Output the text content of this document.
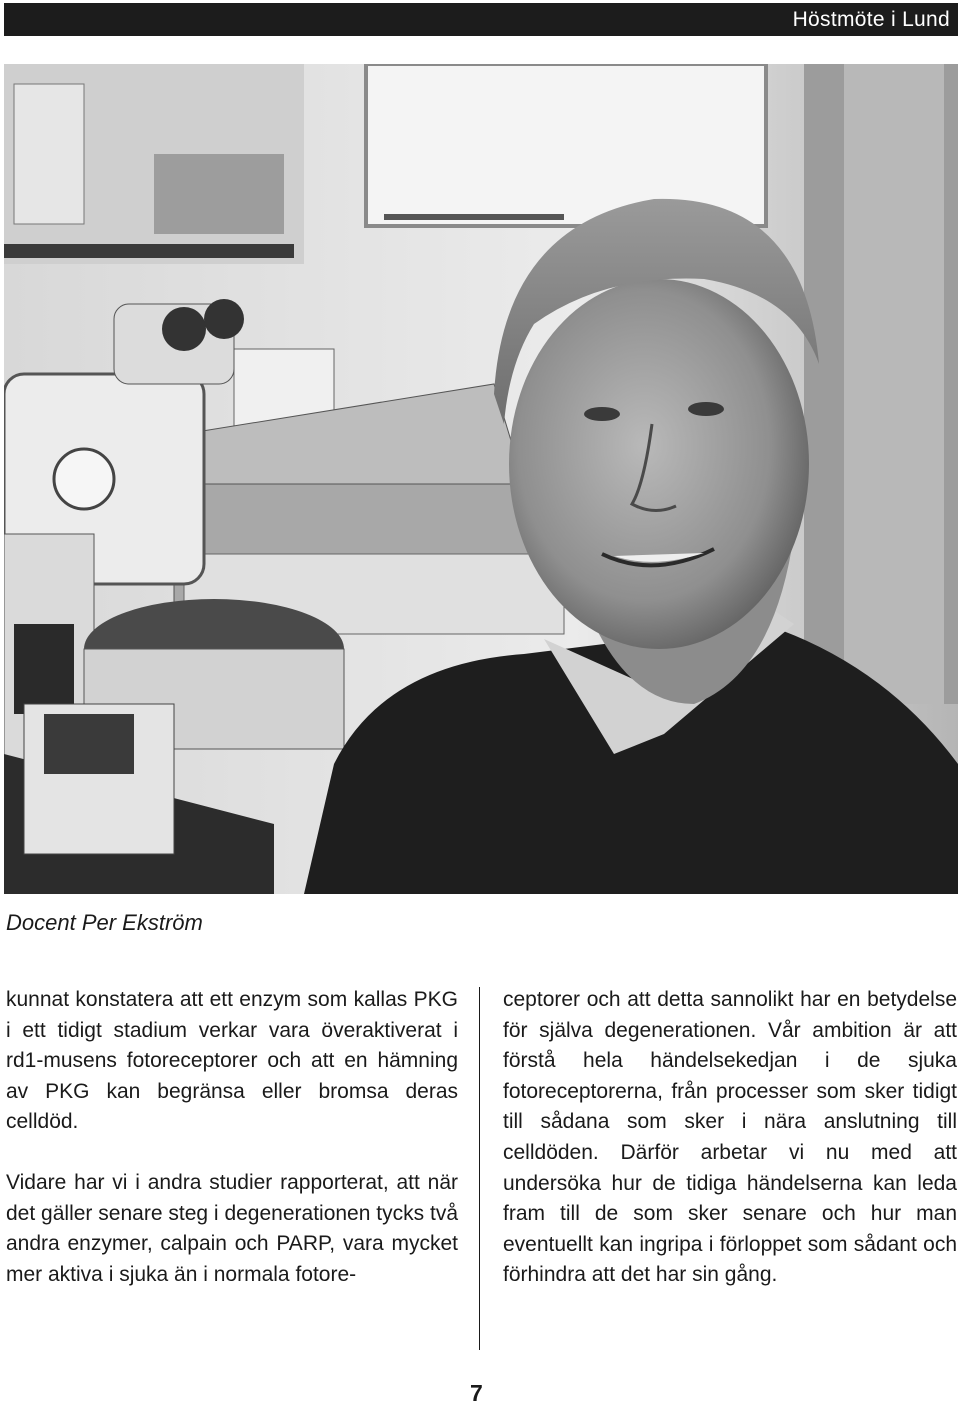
Höstmöte i Lund
Docent Per Ekström

kunnat konstatera att ett enzym som kallas PKG i ett tidigt stadium verkar vara överaktiverat i rd1-musens fotoreceptorer och att en hämning av PKG kan begränsa eller bromsa deras celldöd.

Vidare har vi i andra studier rapporterat, att när det gäller senare steg i degenerationen tycks två andra enzymer, calpain och PARP, vara mycket mer aktiva i sjuka än i normala fotore-

ceptorer och att detta sannolikt har en betydelse för själva degenerationen. Vår ambition är att förstå hela händelsekedjan i de sjuka fotoreceptorerna, från processer som sker tidigt till sådana som sker i nära anslutning till celldöden. Därför arbetar vi nu med att undersöka hur de tidiga händelserna kan leda fram till de som sker senare och hur man eventuellt kan ingripa i förloppet som sådant och förhindra att det har sin gång.

7
